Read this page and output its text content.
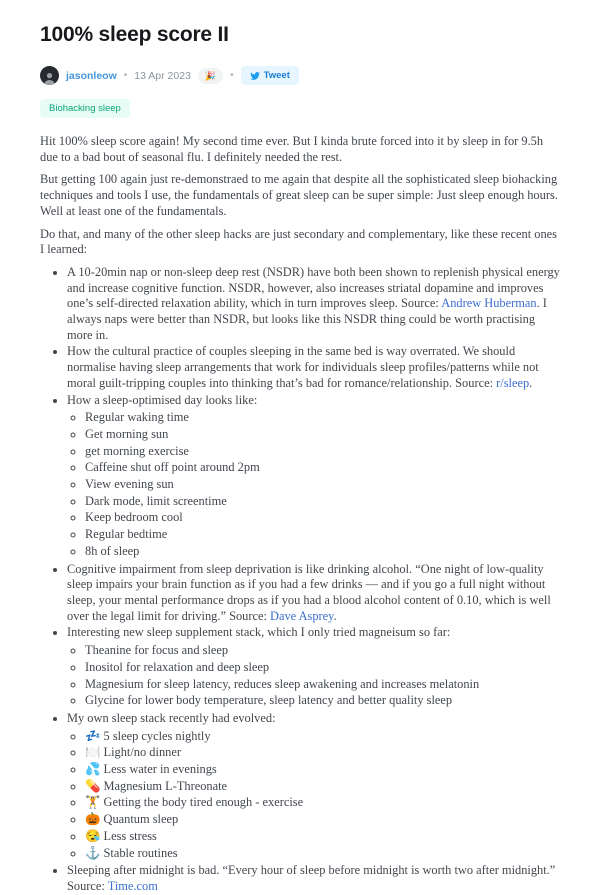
100% sleep score II
jasonleow • 13 Apr 2023	🎉	•	Tweet
Biohacking sleep

Hit 100% sleep score again! My second time ever. But I kinda brute forced into it by sleep in for 9.5h due to a bad bout of seasonal flu. I definitely needed the rest.

But getting 100 again just re-demonstraed to me again that despite all the sophisticated sleep biohacking techniques and tools I use, the fundamentals of great sleep can be super simple: Just sleep enough hours. Well at least one of the fundamentals.

Do that, and many of the other sleep hacks are just secondary and complementary, like these recent ones I learned:

• A 10-20min nap or non-sleep deep rest (NSDR) have both been shown to replenish physical energy and increase cognitive function. NSDR, however, also increases striatal dopamine and improves one’s self-directed relaxation ability, which in turn improves sleep. Source: Andrew Huberman. I always naps were better than NSDR, but looks like this NSDR thing could be worth practising more in.
• How the cultural practice of couples sleeping in the same bed is way overrated. We should normalise having sleep arrangements that work for individuals sleep profiles/patterns while not moral guilt-tripping couples into thinking that’s bad for romance/relationship. Source: r/sleep.
• How a sleep-optimised day looks like:
◦ Regular waking time
◦ Get morning sun
◦ get morning exercise
◦ Caffeine shut off point around 2pm
◦ View evening sun
◦ Dark mode, limit screentime
◦ Keep bedroom cool
◦ Regular bedtime
◦ 8h of sleep
• Cognitive impairment from sleep deprivation is like drinking alcohol. “One night of low-quality sleep impairs your brain function as if you had a few drinks — and if you go a full night without sleep, your mental performance drops as if you had a blood alcohol content of 0.10, which is well over the legal limit for driving.” Source: Dave Asprey.
• Interesting new sleep supplement stack, which I only tried magneisum so far:
◦ Theanine for focus and sleep
◦ Inositol for relaxation and deep sleep
◦ Magnesium for sleep latency, reduces sleep awakening and increases melatonin
◦ Glycine for lower body temperature, sleep latency and better quality sleep
• My own sleep stack recently had evolved:
◦ 💤 5 sleep cycles nightly
◦ 🍽️ Light/no dinner
◦ 💦 Less water in evenings
◦ 💊 Magnesium L-Threonate
◦ 🏋️ Getting the body tired enough - exercise
◦ 🎃 Quantum sleep
◦ 😪 Less stress
◦ ⚓ Stable routines
• Sleeping after midnight is bad. “Every hour of sleep before midnight is worth two after midnight.” Source: Time.com
